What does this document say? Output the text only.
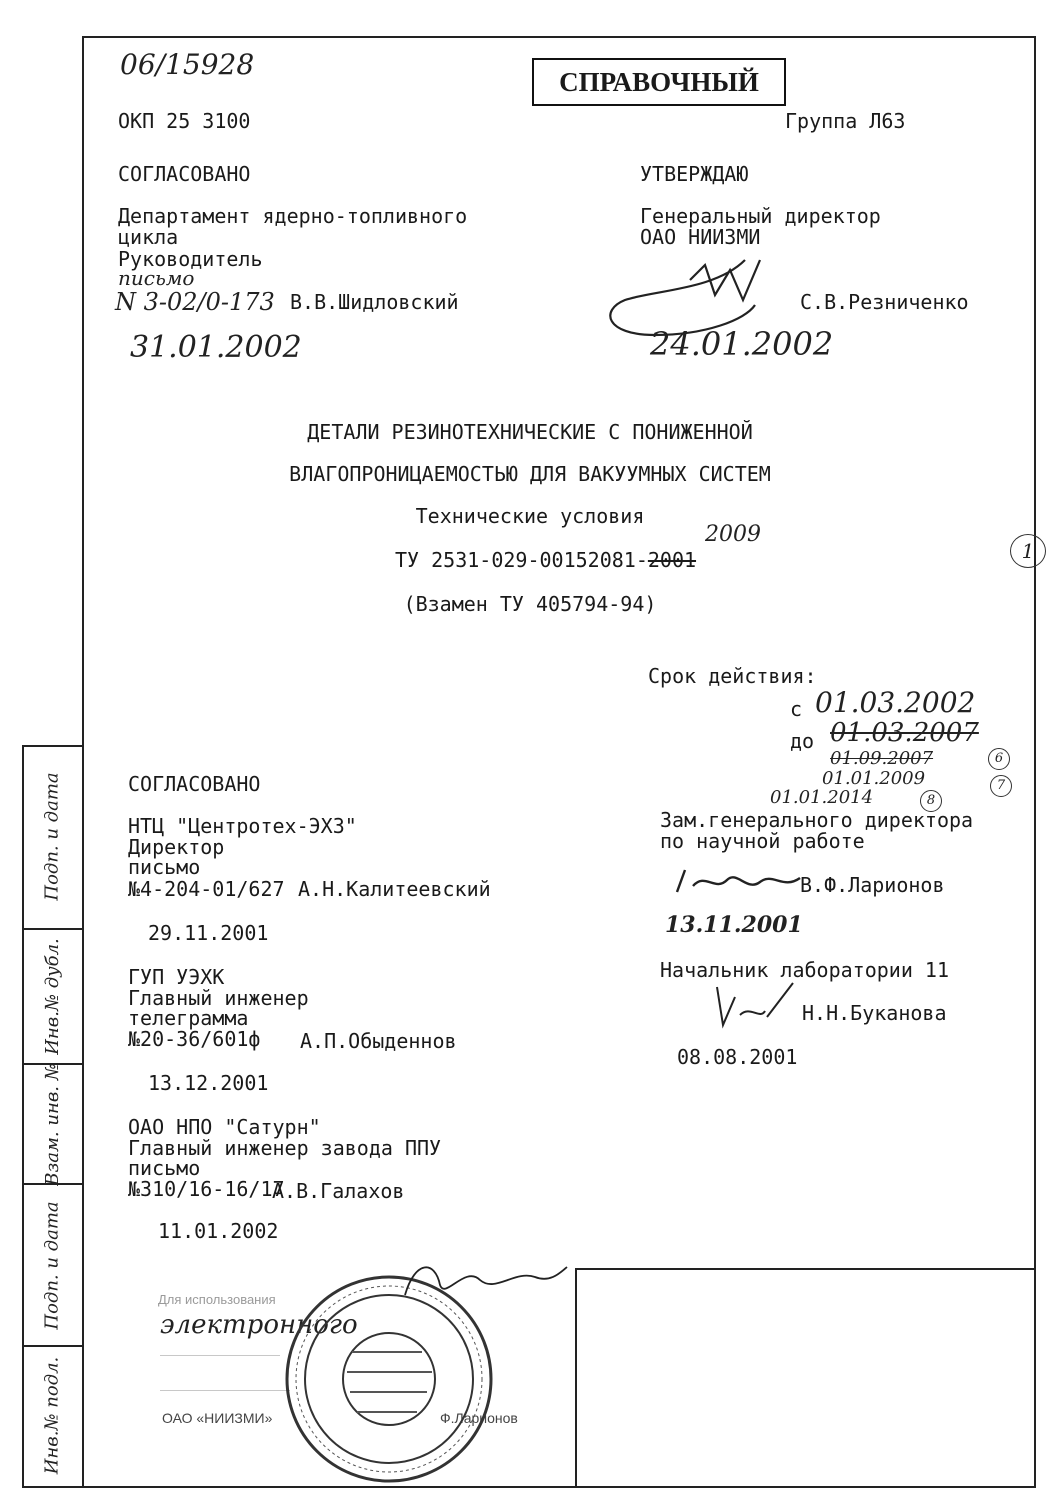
Подп. и дата
Инв.№ дубл.
Взам. инв. №
Подп. и дата
Инв.№ подл.
06/15928
СПРАВОЧНЫЙ
ОКП 25 3100	Группа Л63
СОГЛАСОВАНО
Департамент ядерно-топливного
цикла
Руководитель
письмо
N 3-02/0-173 В.В.Шидловский
31.01.2002
УТВЕРЖДАЮ
Генеральный директор
ОАО НИИЗМИ
С.В.Резниченко
24.01.2002
ДЕТАЛИ РЕЗИНОТЕХНИЧЕСКИЕ С ПОНИЖЕННОЙ
ВЛАГОПРОНИЦАЕМОСТЬЮ ДЛЯ ВАКУУМНЫХ СИСТЕМ
Технические условия
ТУ 2531-029-00152081-2001
2009
(Взамен ТУ 405794-94)
1
Срок действия:
с 01.03.2002
до 01.03.2007
01.09.2007	6
01.01.2009	7
01.01.2014	8
СОГЛАСОВАНО
НТЦ "Центротех-ЭХЗ"
Директор
письмо
№4-204-01/627 А.Н.Калитеевский
29.11.2001
ГУП УЭХК
Главный инженер
телеграмма
№20-36/601ф А.П.Обыденнов
13.12.2001
ОАО НПО "Сатурн"
Главный инженер завода ППУ
письмо
№310/16-16/17
А.В.Галахов
11.01.2002
Зам.генерального директора
по научной работе
В.Ф.Ларионов
13.11.2001
Начальник лаборатории 11
Н.Н.Буканова
08.08.2001
Для использования
электронного
ОАО «НИИЗМИ»	Ф.Ларионов
